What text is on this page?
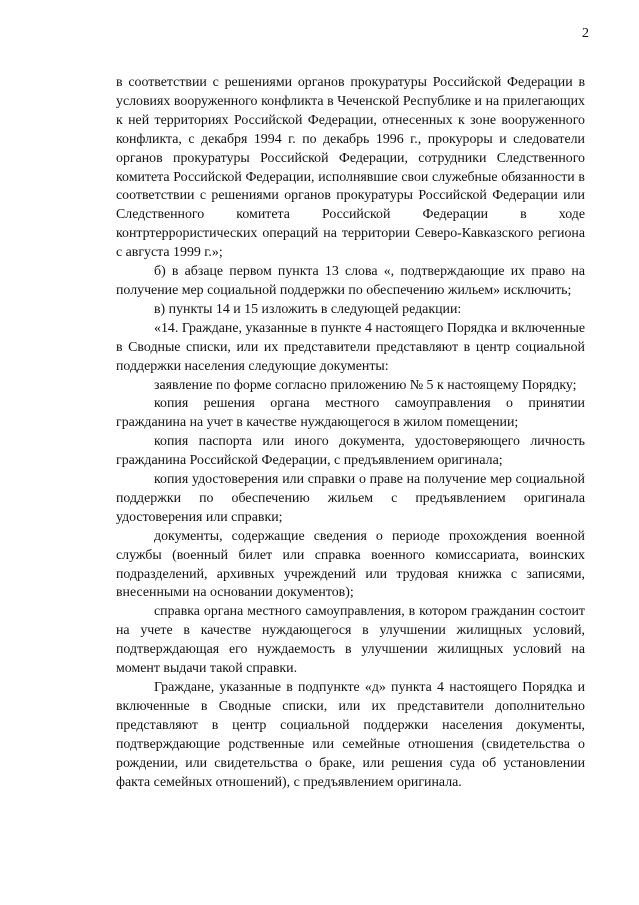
2

в соответствии с решениями органов прокуратуры Российской Федерации в условиях вооруженного конфликта в Чеченской Республике и на прилегающих к ней территориях Российской Федерации, отнесенных к зоне вооруженного конфликта, с декабря 1994 г. по декабрь 1996 г., прокуроры и следователи органов прокуратуры Российской Федерации, сотрудники Следственного комитета Российской Федерации, исполнявшие свои служебные обязанности в соответствии с решениями органов прокуратуры Российской Федерации или Следственного комитета Российской Федерации в ходе контртеррористических операций на территории Северо-Кавказского региона с августа 1999 г.»;

б) в абзаце первом пункта 13 слова «, подтверждающие их право на получение мер социальной поддержки по обеспечению жильем» исключить;

в) пункты 14 и 15 изложить в следующей редакции:

«14. Граждане, указанные в пункте 4 настоящего Порядка и включенные в Сводные списки, или их представители представляют в центр социальной поддержки населения следующие документы:

заявление по форме согласно приложению № 5 к настоящему Порядку;

копия решения органа местного самоуправления о принятии гражданина на учет в качестве нуждающегося в жилом помещении;

копия паспорта или иного документа, удостоверяющего личность гражданина Российской Федерации, с предъявлением оригинала;

копия удостоверения или справки о праве на получение мер социальной поддержки по обеспечению жильем с предъявлением оригинала удостоверения или справки;

документы, содержащие сведения о периоде прохождения военной службы (военный билет или справка военного комиссариата, воинских подразделений, архивных учреждений или трудовая книжка с записями, внесенными на основании документов);

справка органа местного самоуправления, в котором гражданин состоит на учете в качестве нуждающегося в улучшении жилищных условий, подтверждающая его нуждаемость в улучшении жилищных условий на момент выдачи такой справки.

Граждане, указанные в подпункте «д» пункта 4 настоящего Порядка и включенные в Сводные списки, или их представители дополнительно представляют в центр социальной поддержки населения документы, подтверждающие родственные или семейные отношения (свидетельства о рождении, или свидетельства о браке, или решения суда об установлении факта семейных отношений), с предъявлением оригинала.
